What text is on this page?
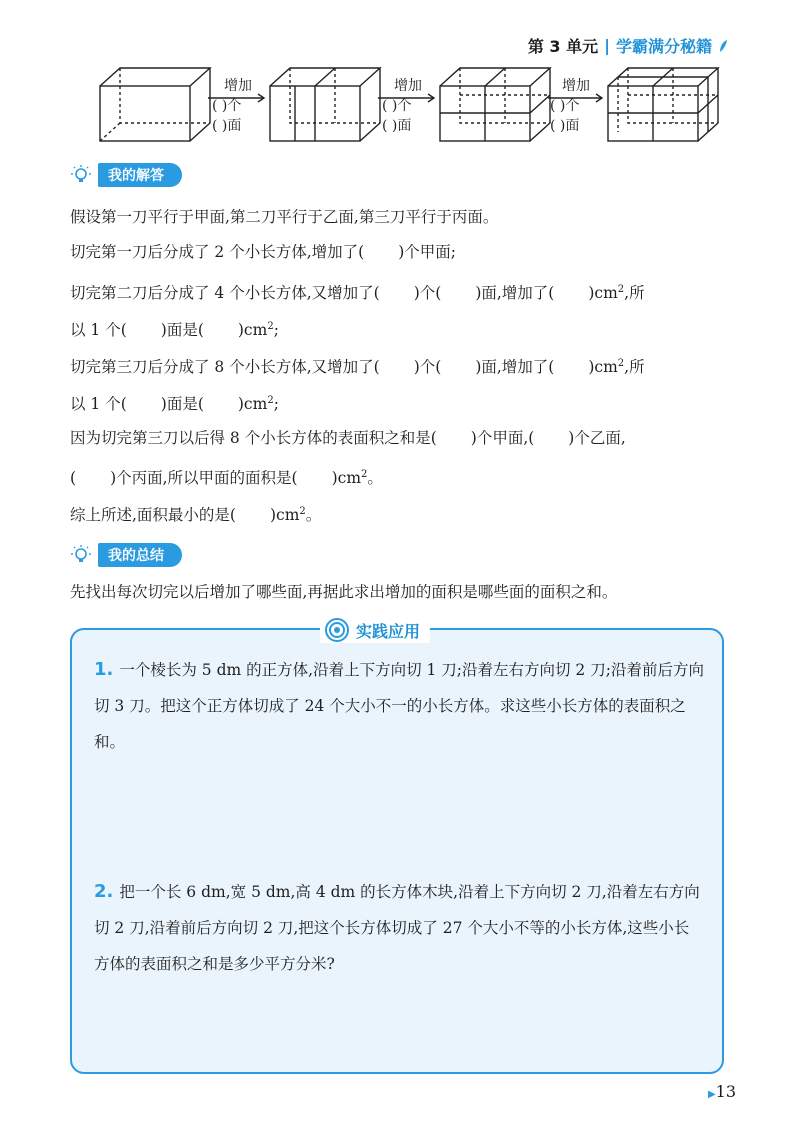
第 3 单元 | 学霸满分秘籍
增加
( )个
( )面
增加
( )个
( )面
增加
( )个
( )面
我的解答
假设第一刀平行于甲面,第二刀平行于乙面,第三刀平行于丙面。
切完第一刀后分成了 2 个小长方体,增加了( )个甲面;
切完第二刀后分成了 4 个小长方体,又增加了( )个( )面,增加了( )$cm^2$,所
以 1 个( )面是( )$cm^2$;
切完第三刀后分成了 8 个小长方体,又增加了( )个( )面,增加了( )$cm^2$,所
以 1 个( )面是( )$cm^2$;
因为切完第三刀以后得 8 个小长方体的表面积之和是( )个甲面,( )个乙面,
( )个丙面,所以甲面的面积是( )$cm^2$。
综上所述,面积最小的是( )$cm^2$。
我的总结
先找出每次切完以后增加了哪些面,再据此求出增加的面积是哪些面的面积之和。
实践应用
1. 一个棱长为 5 dm 的正方体,沿着上下方向切 1 刀;沿着左右方向切 2 刀;沿着前后方向切 3 刀。把这个正方体切成了 24 个大小不一的小长方体。求这些小长方体的表面积之和。
2. 把一个长 6 dm,宽 5 dm,高 4 dm 的长方体木块,沿着上下方向切 2 刀,沿着左右方向切 2 刀,沿着前后方向切 2 刀,把这个长方体切成了 27 个大小不等的小长方体,这些小长方体的表面积之和是多少平方分米?
▶13
